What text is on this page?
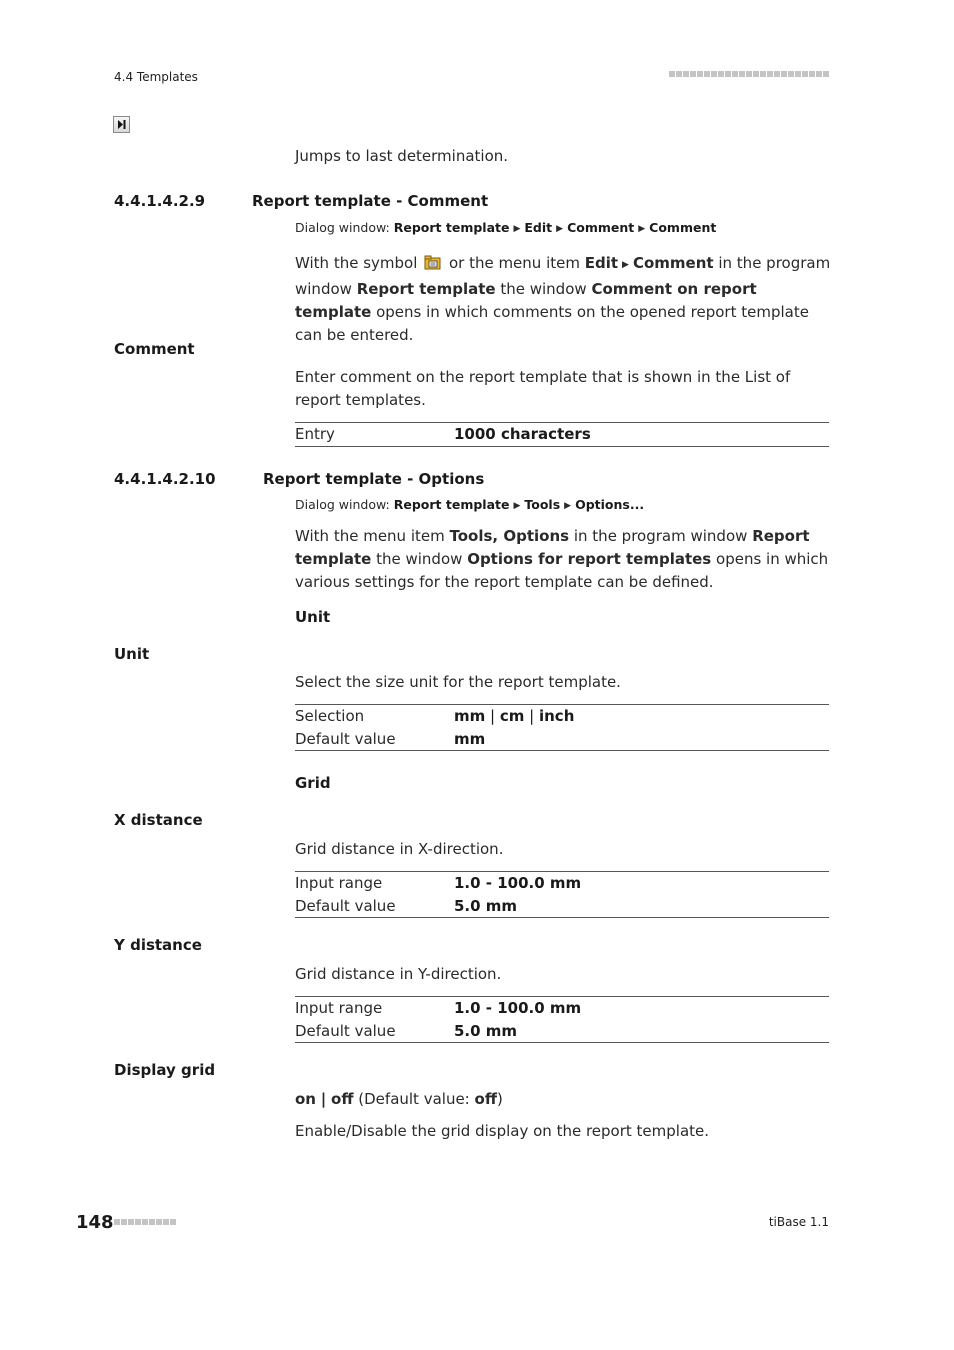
4.4 Templates
Jumps to last determination.
4.4.1.4.2.9	Report template - Comment
Dialog window: Report template ▶ Edit ▶ Comment ▶ Comment
With the symbol or the menu item Edit ▶ Comment in the program window Report template the window Comment on report template opens in which comments on the opened report template can be entered.
Comment
Enter comment on the report template that is shown in the List of report templates.
Entry	1000 characters
4.4.1.4.2.10	Report template - Options
Dialog window: Report template ▶ Tools ▶ Options...
With the menu item Tools, Options in the program window Report template the window Options for report templates opens in which various settings for the report template can be defined.
Unit
Unit
Select the size unit for the report template.
Selection	mm | cm | inch
Default value	mm
Grid
X distance
Grid distance in X-direction.
Input range	1.0 - 100.0 mm
Default value	5.0 mm
Y distance
Grid distance in Y-direction.
Input range	1.0 - 100.0 mm
Default value	5.0 mm
Display grid
on | off (Default value: off)
Enable/Disable the grid display on the report template.
148	tiBase 1.1
